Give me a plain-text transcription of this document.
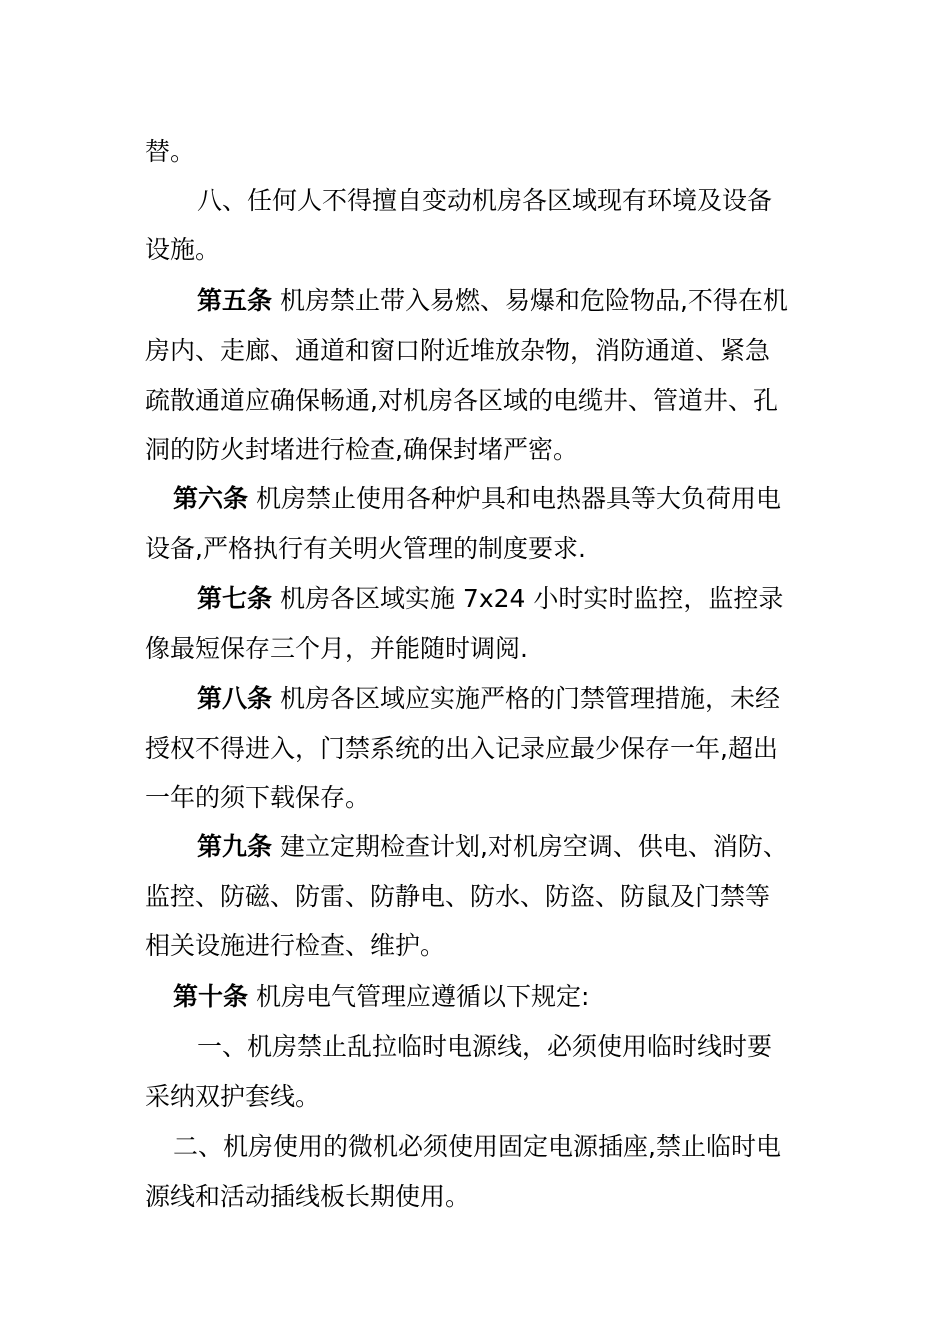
替。
八、任何人不得擅自变动机房各区域现有环境及设备
设施。
第五条 机房禁止带入易燃、易爆和危险物品,不得在机
房内、走廊、通道和窗口附近堆放杂物，消防通道、紧急
疏散通道应确保畅通,对机房各区域的电缆井、管道井、孔
洞的防火封堵进行检查,确保封堵严密。
第六条 机房禁止使用各种炉具和电热器具等大负荷用电
设备,严格执行有关明火管理的制度要求.
第七条 机房各区域实施 7x24 小时实时监控，监控录
像最短保存三个月，并能随时调阅.
第八条 机房各区域应实施严格的门禁管理措施，未经
授权不得进入，门禁系统的出入记录应最少保存一年,超出
一年的须下载保存。
第九条 建立定期检查计划,对机房空调、供电、消防、
监控、防磁、防雷、防静电、防水、防盗、防鼠及门禁等
相关设施进行检查、维护。
第十条 机房电气管理应遵循以下规定:
一、机房禁止乱拉临时电源线，必须使用临时线时要
采纳双护套线。
二、机房使用的微机必须使用固定电源插座,禁止临时电
源线和活动插线板长期使用。
